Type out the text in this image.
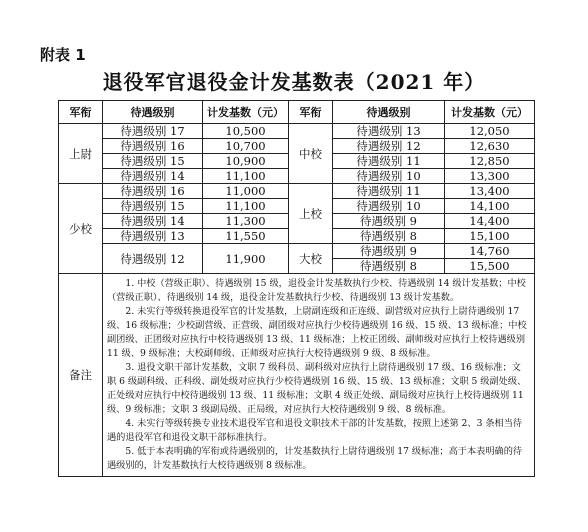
附表 1
退役军官退役金计发基数表（2021 年）
军衔	待遇级别	计发基数（元）	军衔	待遇级别	计发基数（元）
上尉	待遇级别 17	10,500	中校	待遇级别 13	12,050
	待遇级别 16	10,700		待遇级别 12	12,630
	待遇级别 15	10,900		待遇级别 11	12,850
	待遇级别 14	11,100		待遇级别 10	13,300
少校	待遇级别 16	11,000	上校	待遇级别 11	13,400
	待遇级别 15	11,100		待遇级别 10	14,100
	待遇级别 14	11,300		待遇级别 9	14,400
	待遇级别 13	11,550		待遇级别 8	15,100
	待遇级别 12	11,900	大校	待遇级别 9	14,760
				待遇级别 8	15,500
备注	1. 中校（营级正职）、待遇级别 15 级，退役金计发基数执行少校、待遇级别 14 级计发基数；中校（营级正职）、待遇级别 14 级，退役金计发基数执行少校、待遇级别 13 级计发基数。

2. 未实行等级转换退役军官的计发基数，上尉副连级和正连级、副营级对应执行上尉待遇级别 17 级、16 级标准；少校副营级、正营级、副团级对应执行少校待遇级别 16 级、15 级、13 级标准；中校副团级、正团级对应执行中校待遇级别 13 级、11 级标准；上校正团级、副师级对应执行上校待遇级别 11 级、9 级标准；大校副师级、正师级对应执行大校待遇级别 9 级、8 级标准。

3. 退役文职干部计发基数，文职 7 级科员、副科级对应执行上尉待遇级别 17 级、16 级标准；文职 6 级副科级、正科级、副处级对应执行少校待遇级别 16 级、15 级、13 级标准；文职 5 级副处级、正处级对应执行中校待遇级别 13 级、11 级标准；文职 4 级正处级、副局级对应执行上校待遇级别 11 级、9 级标准；文职 3 级副局级、正局级，对应执行大校待遇级别 9 级、8 级标准。

4. 未实行等级转换专业技术退役军官和退役文职技术干部的计发基数，按照上述第 2、3 条相当待遇的退役军官和退役文职干部标准执行。

5. 低于本表明确的军衔或待遇级别的，计发基数执行上尉待遇级别 17 级标准；高于本表明确的待遇级别的，计发基数执行大校待遇级别 8 级标准。				
